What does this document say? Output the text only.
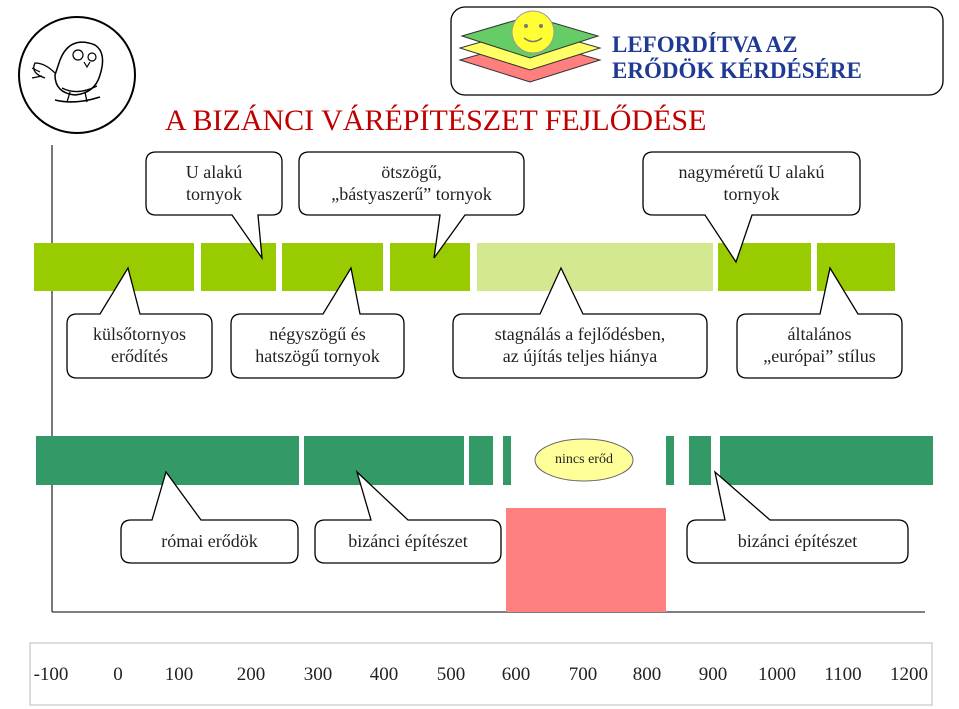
LEFORDÍTVA AZ
ERŐDÖK KÉRDÉSÉRE
A BIZÁNCI VÁRÉPÍTÉSZET FEJLŐDÉSE
U alakú
tornyok
ötszögű,
„bástyaszerű” tornyok
nagyméretű U alakú
tornyok
külsőtornyos
erődítés
négyszögű és
hatszögű tornyok
stagnálás a fejlődésben,
az újítás teljes hiánya
általános
„európai” stílus
római erődök	bizánci építészet	bizánci építészet
nincs erőd
-100	0	100	200	300	400	500	600	700	800	900	1000	1100	1200
